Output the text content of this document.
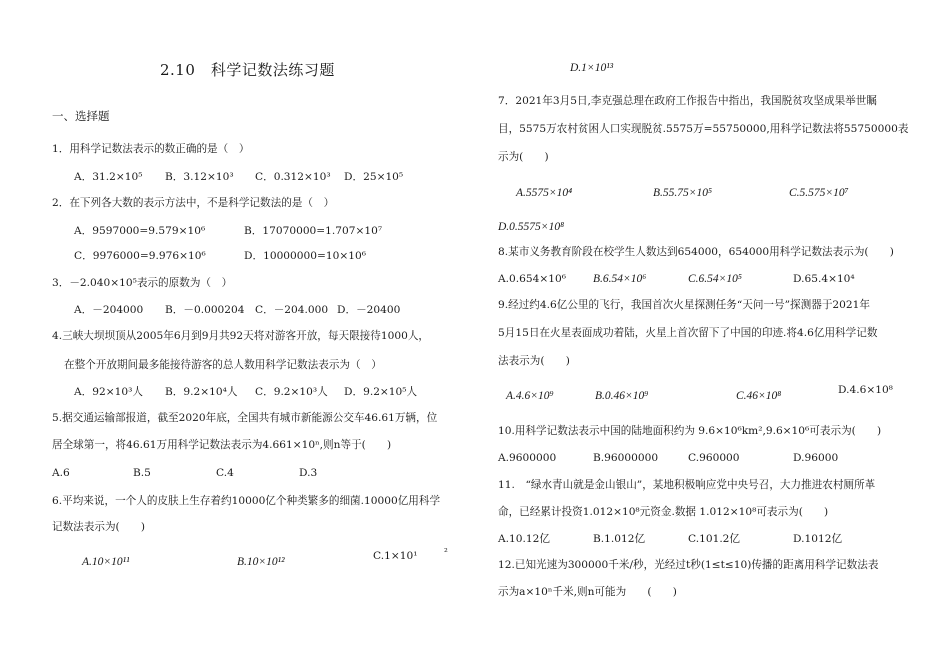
2.10　科学记数法练习题
一、选择题
1．用科学记数法表示的数正确的是（　）
A．31.2×10⁵ B．3.12×10³ C．0.312×10³ D．25×10⁵
2．在下列各大数的表示方法中，不是科学记数法的是（　）
A．9597000=9.579×10⁶	B．17070000=1.707×10⁷
C．9976000=9.976×10⁶	D．10000000=10×10⁶
3．－2.040×10⁵表示的原数为（　）
A．－204000 B．－0.000204 C．－204.000 D．－20400
4.三峡大坝坝顶从2005年6月到9月共92天将对游客开放，每天限接待1000人，
在整个开放期间最多能接待游客的总人数用科学记数法表示为（　）
A．92×10³人 B．9.2×10⁴人 C．9.2×10³人 D．9.2×10⁵人
5.据交通运输部报道，截至2020年底，全国共有城市新能源公交车46.61万辆，位
居全球第一，将46.61万用科学记数法表示为4.661×10ⁿ,则n等于(　　)
A.6	B.5	C.4	D.3
6.平均来说，一个人的皮肤上生存着约10000亿个种类繁多的细菌.10000亿用科学
记数法表示为(　　)
A.10×10¹¹	B.10×10¹²	C.1×10¹	²
D.1×10¹³
7．2021年3月5日,李克强总理在政府工作报告中指出，我国脱贫攻坚成果举世瞩
目，5575万农村贫困人口实现脱贫.5575万=55750000,用科学记数法将55750000表
示为(　　)
A.5575×10⁴	B.55.75×10⁵	C.5.575×10⁷
D.0.5575×10⁸
8.某市义务教育阶段在校学生人数达到654000，654000用科学记数法表示为(　　)
A.0.654×10⁶ B.6.54×10⁶	C.6.54×10⁵	D.65.4×10⁴
9.经过约4.6亿公里的飞行，我国首次火星探测任务“天问一号”探测器于2021年
5月15日在火星表面成功着陆，火星上首次留下了中国的印迹.将4.6亿用科学记数
法表示为(　　)
A.4.6×10⁹	B.0.46×10⁹	C.46×10⁸	D.4.6×10⁸
10.用科学记数法表示中国的陆地面积约为 9.6×10⁶km²,9.6×10⁶可表示为(　　)
A.9600000	B.96000000	C.960000	D.96000
11.　“绿水青山就是金山银山”，某地积极响应党中央号召，大力推进农村厕所革
命，已经累计投资1.012×10⁸元资金.数据 1.012×10⁸可表示为(　　)
A.10.12亿	B.1.012亿	C.101.2亿	D.1012亿
12.已知光速为300000千米/秒，光经过t秒(1≤t≤10)传播的距离用科学记数法表
示为a×10ⁿ千米,则n可能为　　(　　)
